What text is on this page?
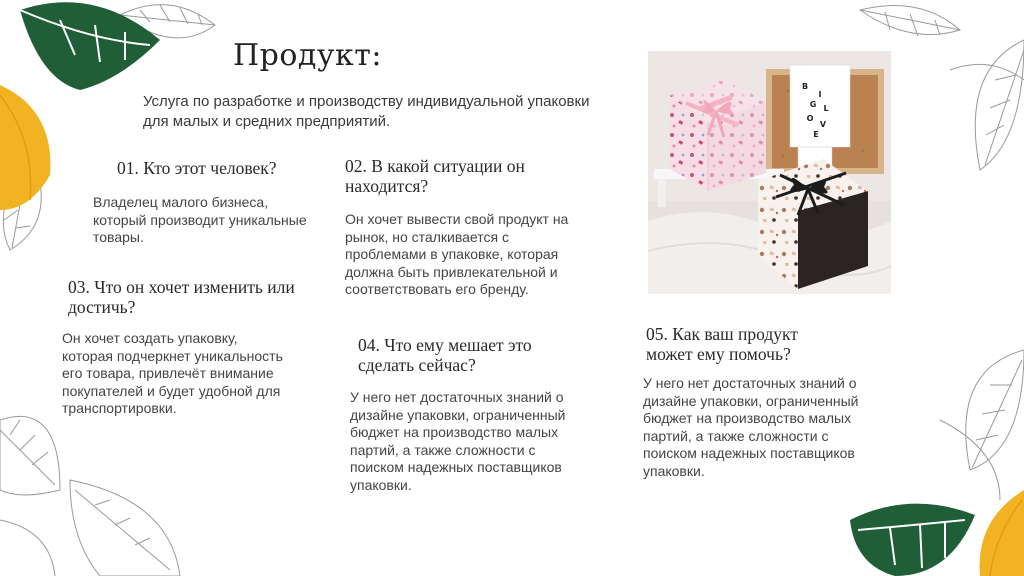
Продукт:
Услуга по разработке и производству индивидуальной упаковки для малых и средних предприятий.
01. Кто этот человек?
Владелец малого бизнеса, который производит уникальные товары.
02. В какой ситуации он находится?
Он хочет вывести свой продукт на рынок, но сталкивается с проблемами в упаковке, которая должна быть привлекательной и соответствовать его бренду.
03. Что он хочет изменить или достичь?
Он хочет создать упаковку, которая подчеркнет уникальность его товара, привлечёт внимание покупателей и будет удобной для транспортировки.
04. Что ему мешает это сделать сейчас?
У него нет достаточных знаний о дизайне упаковки, ограниченный бюджет на производство малых партий, а также сложности с поиском надежных поставщиков упаковки.
05. Как ваш продукт может ему помочь?
У него нет достаточных знаний о дизайне упаковки, ограниченный бюджет на производство малых партий, а также сложности с поиском надежных поставщиков упаковки.
B
I
G L
O
V
E
